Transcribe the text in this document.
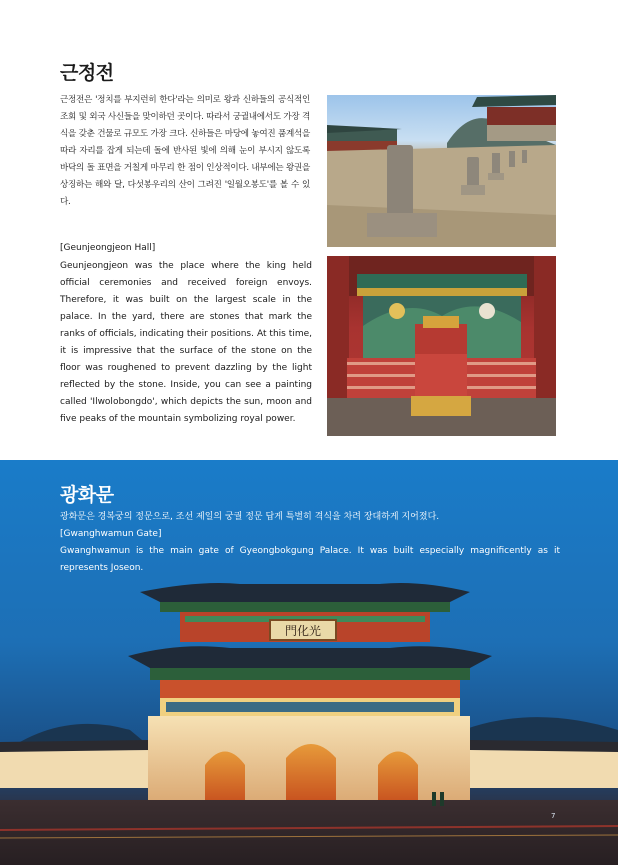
근정전

근정전은 '정치를 부지런히 한다'라는 의미로 왕과 신하들의 공식적인 조회 및 외국 사신들을 맞이하던 곳이다. 따라서 궁궐내에서도 가장 격식을 갖춘 건물로 규모도 가장 크다. 신하들은 마당에 놓여진 품계석을 따라 자리를 잡게 되는데 돌에 반사된 빛에 의해 눈이 부시지 않도록 바닥의 돌 표면을 거칠게 마무리 한 점이 인상적이다. 내부에는 왕권을 상징하는 해와 달, 다섯봉우리의 산이 그려진 '일월오봉도'를 볼 수 있다.

[Geunjeongjeon Hall]

Geunjeongjeon was the place where the king held official ceremonies and received foreign envoys. Therefore, it was built on the largest scale in the palace. In the yard, there are stones that mark the ranks of officials, indicating their positions. At this time, it is impressive that the surface of the stone on the floor was roughened to prevent dazzling by the light reflected by the stone. Inside, you can see a painting called 'Ilwolobongdo', which depicts the sun, moon and five peaks of the mountain symbolizing royal power.

광화문
광화문은 경복궁의 정문으로, 조선 제일의 궁궐 정문 답게 특별히 격식을 차려 장대하게 지어졌다.
[Gwanghwamun Gate]
Gwanghwamun is the main gate of Gyeongbokgung Palace. It was built especially magnificently as it represents Joseon.
門化光
7
